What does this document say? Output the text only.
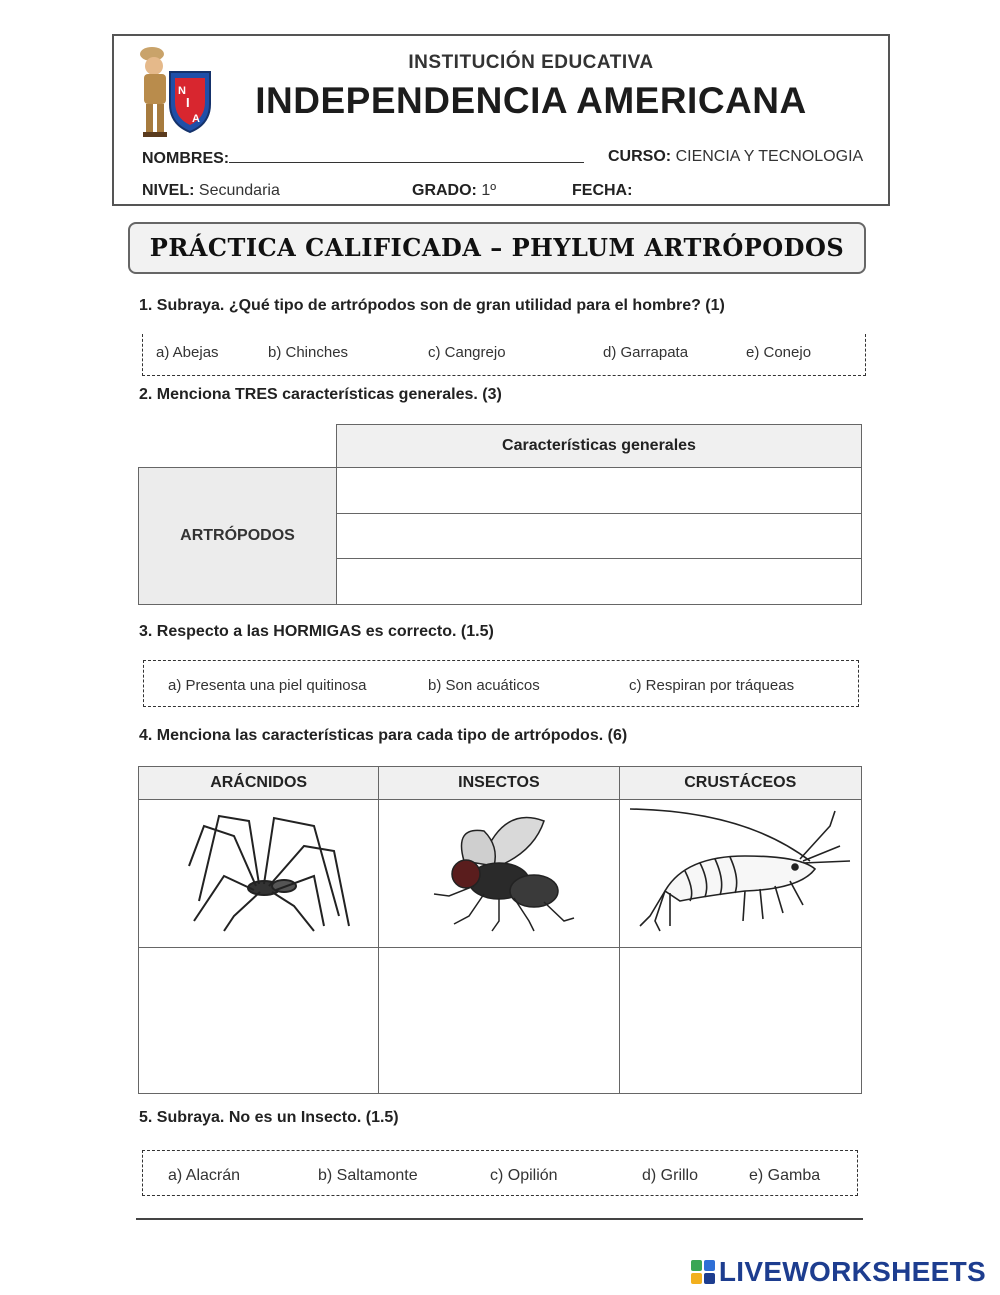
N
I
A
INSTITUCIÓN EDUCATIVA
INDEPENDENCIA AMERICANA
NOMBRES:	CURSO: CIENCIA Y TECNOLOGIA
NIVEL: Secundaria	GRADO: 1º	FECHA:
PRÁCTICA CALIFICADA – PHYLUM ARTRÓPODOS
1. Subraya. ¿Qué tipo de artrópodos son de gran utilidad para el hombre? (1)
a) Abejas	b) Chinches	c) Cangrejo	d) Garrapata	e) Conejo
2. Menciona TRES características generales. (3)
Características generales
ARTRÓPODOS
3. Respecto a las HORMIGAS es correcto. (1.5)
a) Presenta una piel quitinosa	b) Son acuáticos	c) Respiran por tráqueas
4. Menciona las características para cada tipo de artrópodos. (6)
ARÁCNIDOS	INSECTOS	CRUSTÁCEOS

5. Subraya. No es un Insecto. (1.5)
a) Alacrán	b) Saltamonte	c) Opilión	d) Grillo	e) Gamba
LIVEWORKSHEETS
